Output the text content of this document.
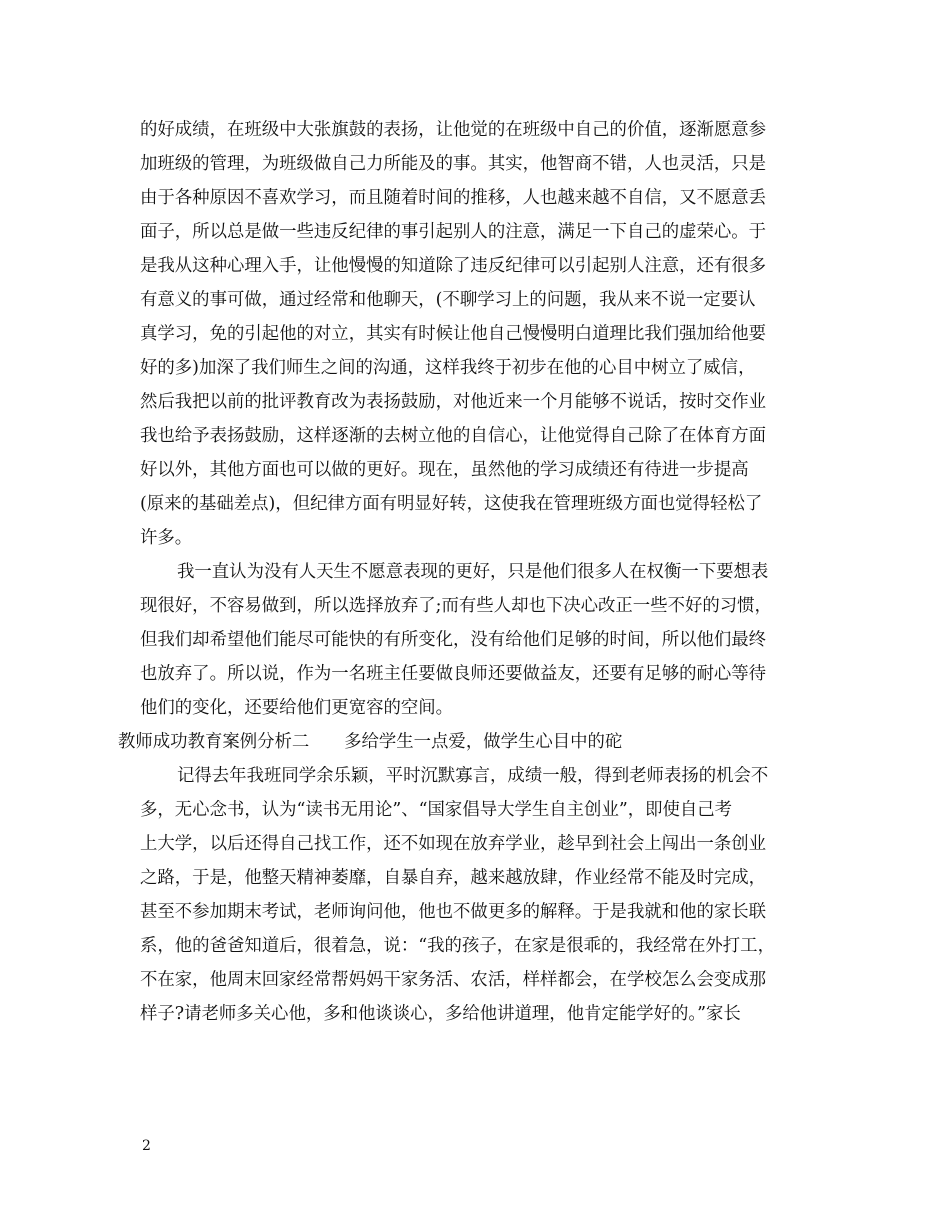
的好成绩，在班级中大张旗鼓的表扬，让他觉的在班级中自己的价值，逐渐愿意参
加班级的管理，为班级做自己力所能及的事。其实，他智商不错，人也灵活，只是
由于各种原因不喜欢学习，而且随着时间的推移，人也越来越不自信，又不愿意丢
面子，所以总是做一些违反纪律的事引起别人的注意，满足一下自己的虚荣心。于
是我从这种心理入手，让他慢慢的知道除了违反纪律可以引起别人注意，还有很多
有意义的事可做，通过经常和他聊天，(不聊学习上的问题，我从来不说一定要认
真学习，免的引起他的对立，其实有时候让他自己慢慢明白道理比我们强加给他要
好的多)加深了我们师生之间的沟通，这样我终于初步在他的心目中树立了威信，
然后我把以前的批评教育改为表扬鼓励，对他近来一个月能够不说话，按时交作业
我也给予表扬鼓励，这样逐渐的去树立他的自信心，让他觉得自己除了在体育方面
好以外，其他方面也可以做的更好。现在，虽然他的学习成绩还有待进一步提高
(原来的基础差点)，但纪律方面有明显好转，这使我在管理班级方面也觉得轻松了
许多。
我一直认为没有人天生不愿意表现的更好，只是他们很多人在权衡一下要想表
现很好，不容易做到，所以选择放弃了;而有些人却也下决心改正一些不好的习惯，
但我们却希望他们能尽可能快的有所变化，没有给他们足够的时间，所以他们最终
也放弃了。所以说，作为一名班主任要做良师还要做益友，还要有足够的耐心等待
他们的变化，还要给他们更宽容的空间。
教师成功教育案例分析二　　多给学生一点爱，做学生心目中的砣
记得去年我班同学余乐颖，平时沉默寡言，成绩一般，得到老师表扬的机会不
多，无心念书，认为“读书无用论”、“国家倡导大学生自主创业”，即使自己考
上大学，以后还得自己找工作，还不如现在放弃学业，趁早到社会上闯出一条创业
之路，于是，他整天精神萎靡，自暴自弃，越来越放肆，作业经常不能及时完成，
甚至不参加期末考试，老师询问他，他也不做更多的解释。于是我就和他的家长联
系，他的爸爸知道后，很着急，说：“我的孩子，在家是很乖的，我经常在外打工，
不在家，他周末回家经常帮妈妈干家务活、农活，样样都会，在学校怎么会变成那
样子?请老师多关心他，多和他谈谈心，多给他讲道理，他肯定能学好的。”家长
2
